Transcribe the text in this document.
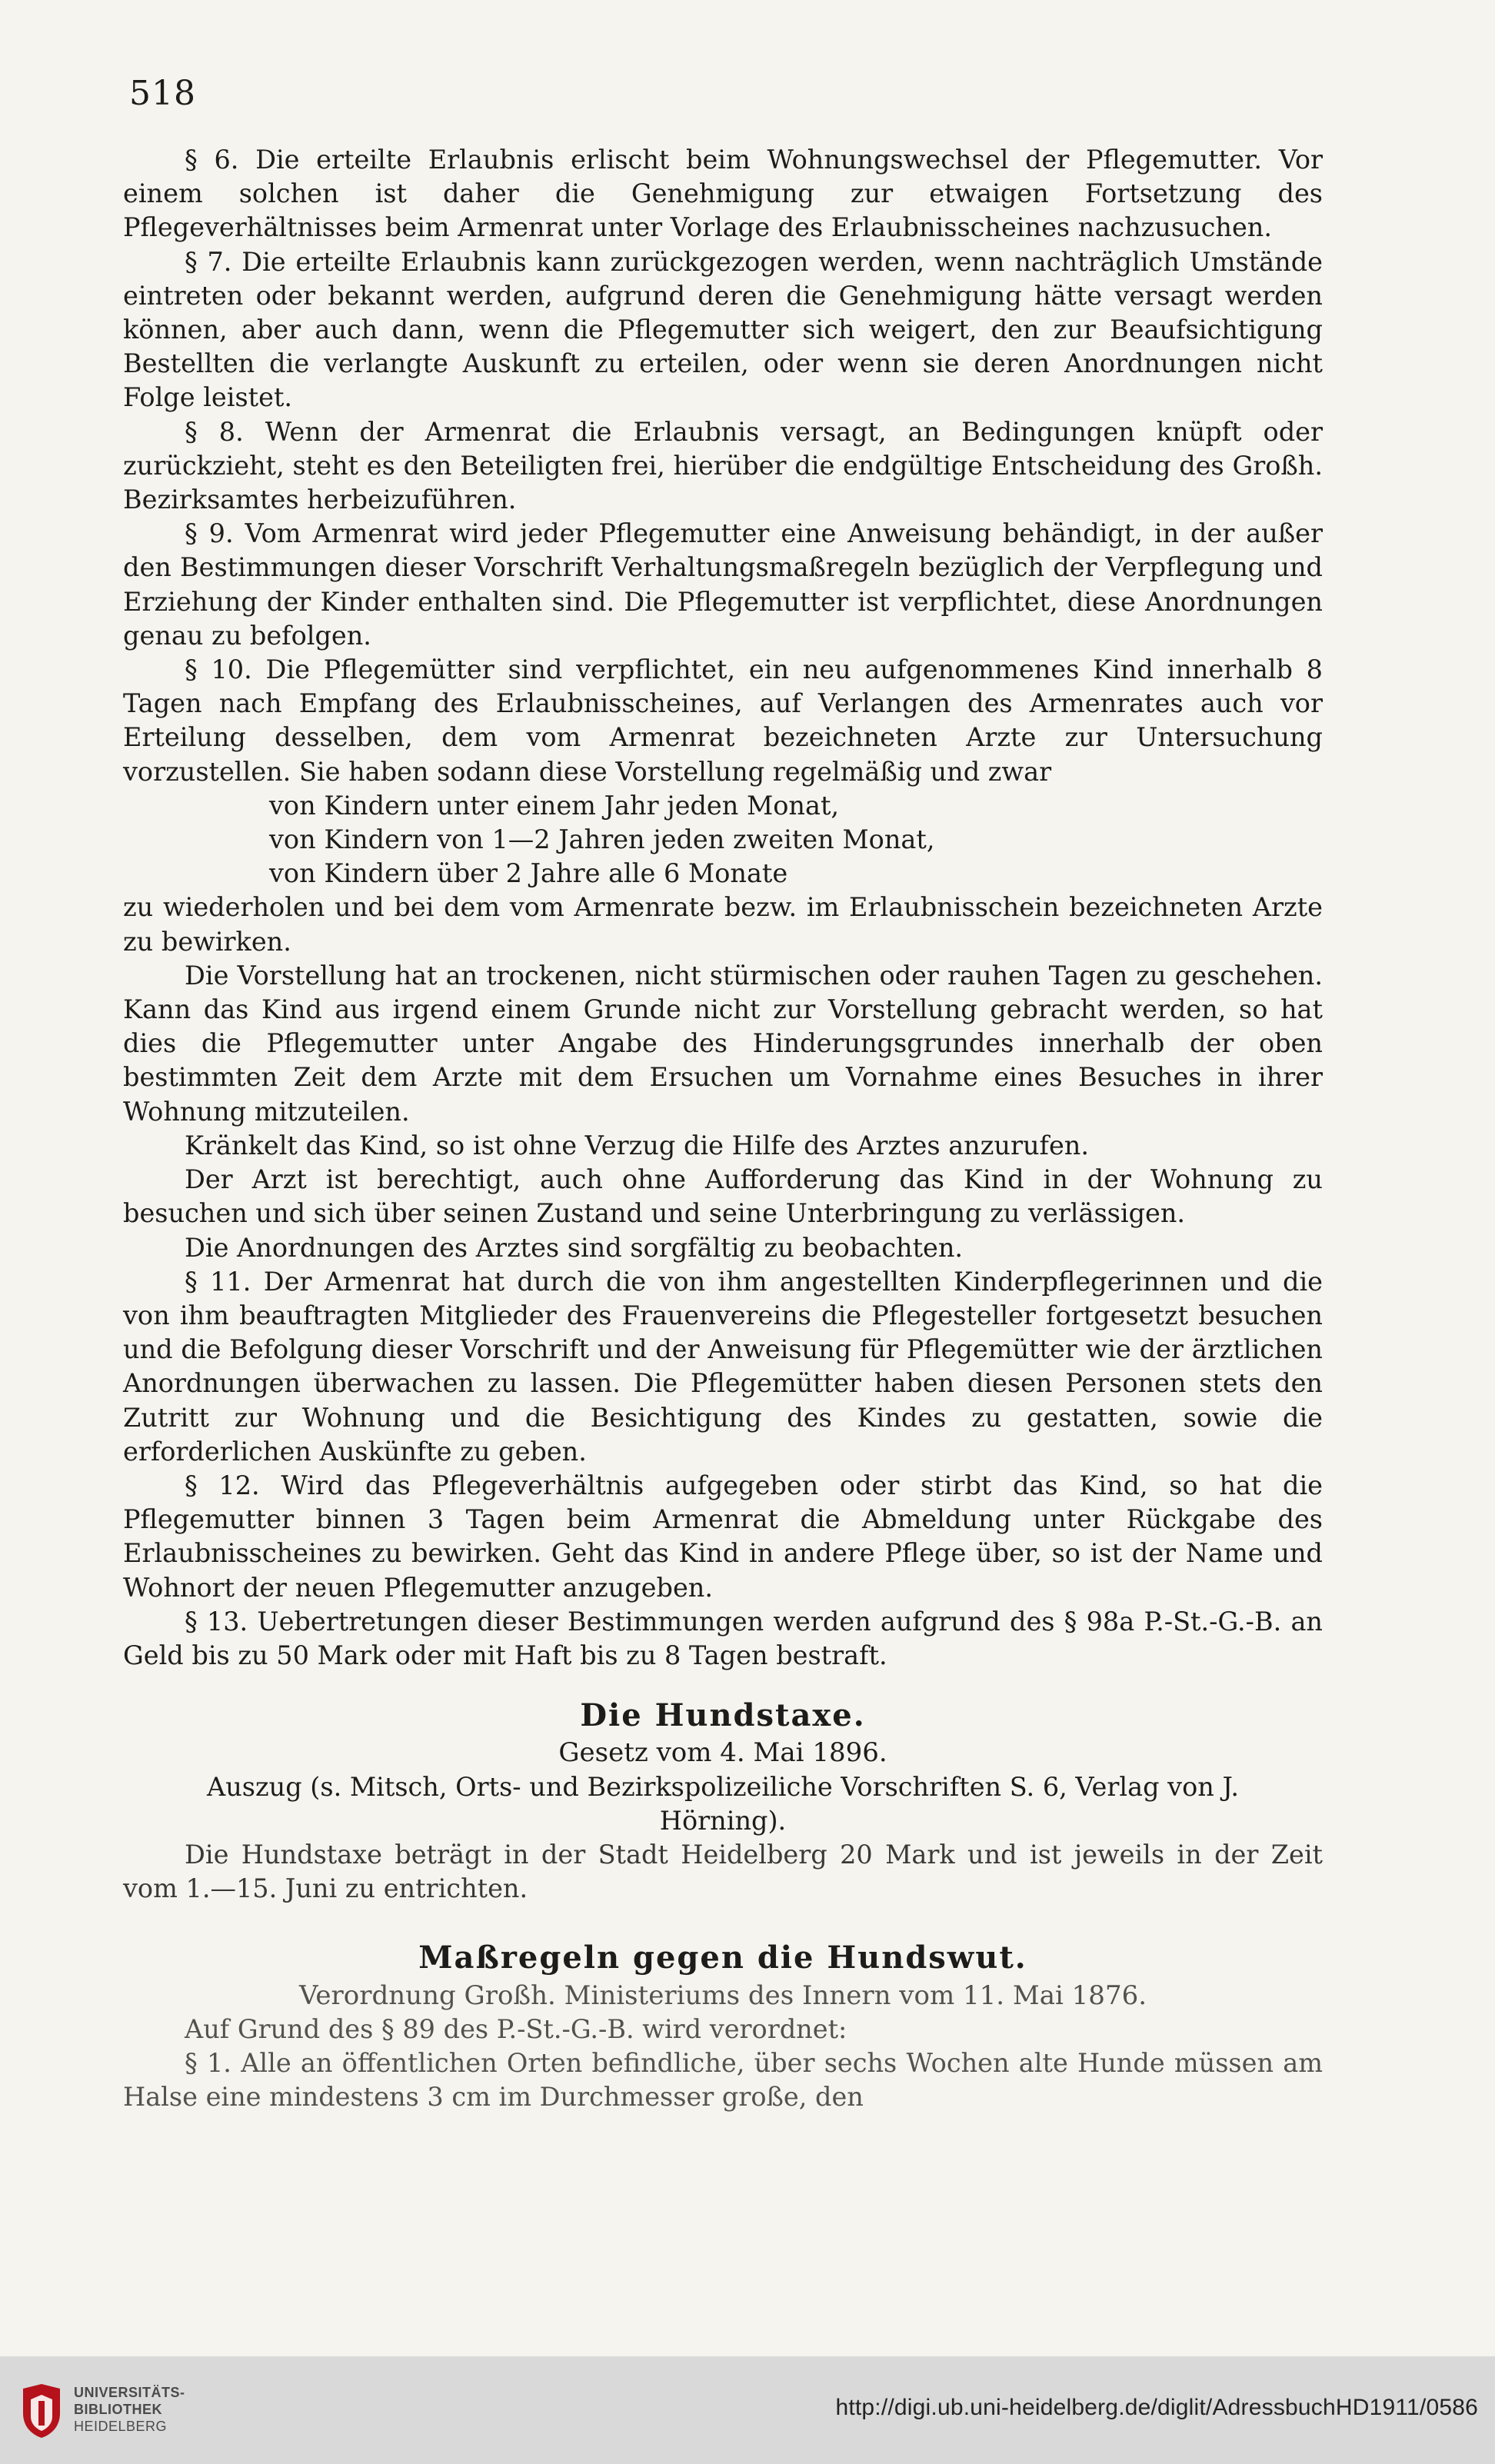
518

§ 6. Die erteilte Erlaubnis erlischt beim Wohnungswechsel der Pflegemutter. Vor einem solchen ist daher die Genehmigung zur etwaigen Fortsetzung des Pflegeverhältnisses beim Armenrat unter Vorlage des Erlaubnisscheines nachzusuchen.

§ 7. Die erteilte Erlaubnis kann zurückgezogen werden, wenn nachträglich Umstände eintreten oder bekannt werden, aufgrund deren die Genehmigung hätte versagt werden können, aber auch dann, wenn die Pflegemutter sich weigert, den zur Beaufsichtigung Bestellten die verlangte Auskunft zu erteilen, oder wenn sie deren Anordnungen nicht Folge leistet.

§ 8. Wenn der Armenrat die Erlaubnis versagt, an Bedingungen knüpft oder zurückzieht, steht es den Beteiligten frei, hierüber die endgültige Entscheidung des Großh. Bezirksamtes herbeizuführen.

§ 9. Vom Armenrat wird jeder Pflegemutter eine Anweisung behändigt, in der außer den Bestimmungen dieser Vorschrift Verhaltungsmaßregeln bezüglich der Verpflegung und Erziehung der Kinder enthalten sind. Die Pflegemutter ist verpflichtet, diese Anordnungen genau zu befolgen.

§ 10. Die Pflegemütter sind verpflichtet, ein neu aufgenommenes Kind innerhalb 8 Tagen nach Empfang des Erlaubnisscheines, auf Verlangen des Armenrates auch vor Erteilung desselben, dem vom Armenrat bezeichneten Arzte zur Untersuchung vorzustellen. Sie haben sodann diese Vorstellung regelmäßig und zwar

von Kindern unter einem Jahr jeden Monat,

von Kindern von 1—2 Jahren jeden zweiten Monat,

von Kindern über 2 Jahre alle 6 Monate

zu wiederholen und bei dem vom Armenrate bezw. im Erlaubnisschein bezeichneten Arzte zu bewirken.

Die Vorstellung hat an trockenen, nicht stürmischen oder rauhen Tagen zu geschehen. Kann das Kind aus irgend einem Grunde nicht zur Vorstellung gebracht werden, so hat dies die Pflegemutter unter Angabe des Hinderungsgrundes innerhalb der oben bestimmten Zeit dem Arzte mit dem Ersuchen um Vornahme eines Besuches in ihrer Wohnung mitzuteilen.

Kränkelt das Kind, so ist ohne Verzug die Hilfe des Arztes anzurufen.

Der Arzt ist berechtigt, auch ohne Aufforderung das Kind in der Wohnung zu besuchen und sich über seinen Zustand und seine Unterbringung zu verlässigen.

Die Anordnungen des Arztes sind sorgfältig zu beobachten.

§ 11. Der Armenrat hat durch die von ihm angestellten Kinderpflegerinnen und die von ihm beauftragten Mitglieder des Frauenvereins die Pflegesteller fortgesetzt besuchen und die Befolgung dieser Vorschrift und der Anweisung für Pflegemütter wie der ärztlichen Anordnungen überwachen zu lassen. Die Pflegemütter haben diesen Personen stets den Zutritt zur Wohnung und die Besichtigung des Kindes zu gestatten, sowie die erforderlichen Auskünfte zu geben.

§ 12. Wird das Pflegeverhältnis aufgegeben oder stirbt das Kind, so hat die Pflegemutter binnen 3 Tagen beim Armenrat die Abmeldung unter Rückgabe des Erlaubnisscheines zu bewirken. Geht das Kind in andere Pflege über, so ist der Name und Wohnort der neuen Pflegemutter anzugeben.

§ 13. Uebertretungen dieser Bestimmungen werden aufgrund des § 98a P.-St.-G.-B. an Geld bis zu 50 Mark oder mit Haft bis zu 8 Tagen bestraft.

Die Hundstaxe.

Gesetz vom 4. Mai 1896.

Auszug (s. Mitsch, Orts- und Bezirkspolizeiliche Vorschriften S. 6, Verlag von J. Hörning).

Die Hundstaxe beträgt in der Stadt Heidelberg 20 Mark und ist jeweils in der Zeit vom 1.—15. Juni zu entrichten.

Maßregeln gegen die Hundswut.

Verordnung Großh. Ministeriums des Innern vom 11. Mai 1876.

Auf Grund des § 89 des P.-St.-G.-B. wird verordnet:

§ 1. Alle an öffentlichen Orten befindliche, über sechs Wochen alte Hunde müssen am Halse eine mindestens 3 cm im Durchmesser große, den

UNIVERSITÄTS-
BIBLIOTHEK
HEIDELBERG
http://digi.ub.uni-heidelberg.de/diglit/AdressbuchHD1911/0586
